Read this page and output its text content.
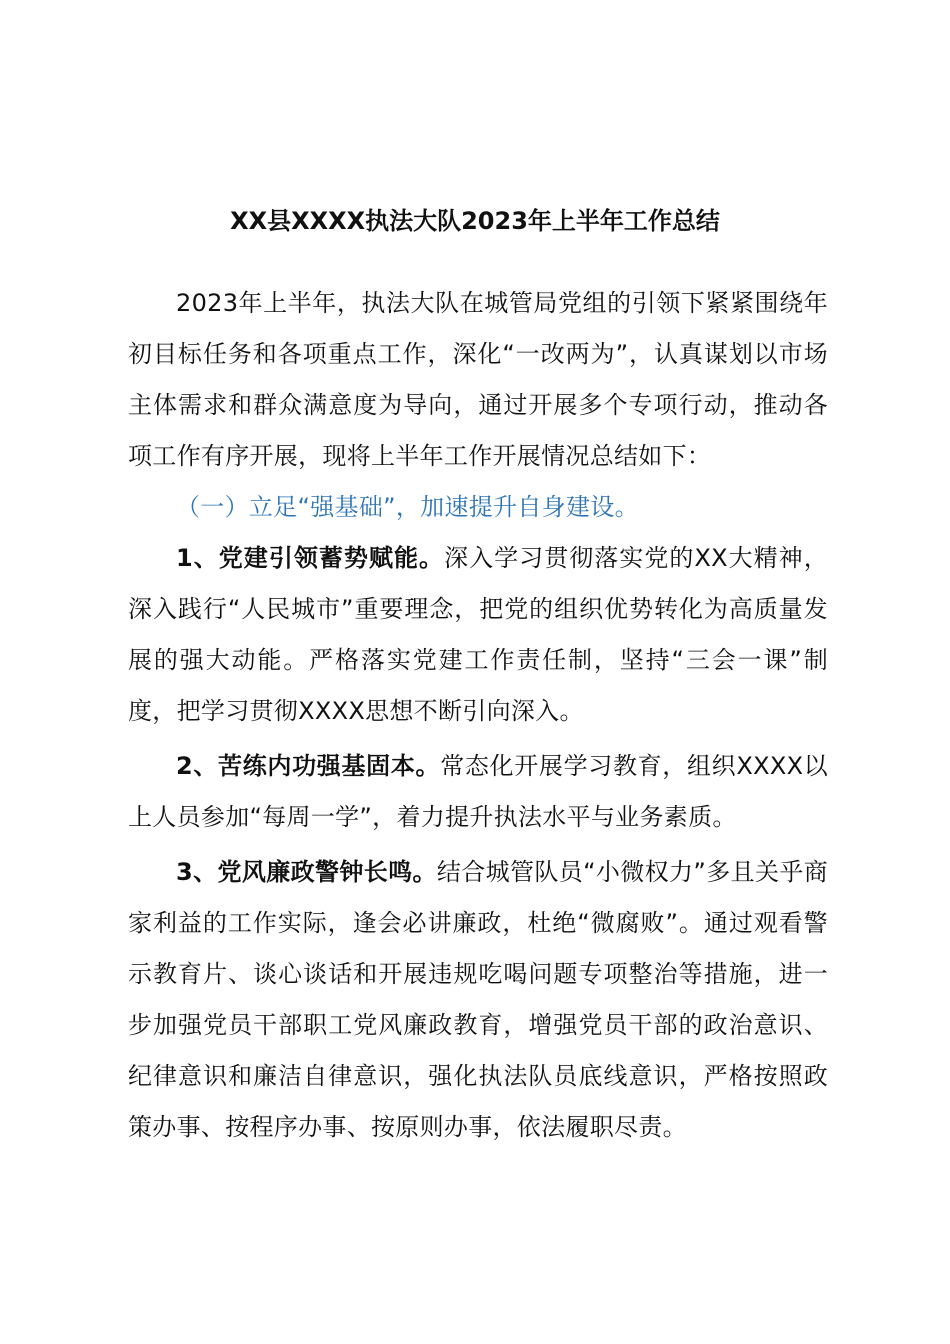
XX县XXXX执法大队2023年上半年工作总结

2023年上半年，执法大队在城管局党组的引领下紧紧围绕年初目标任务和各项重点工作，深化“一改两为”，认真谋划以市场主体需求和群众满意度为导向，通过开展多个专项行动，推动各项工作有序开展，现将上半年工作开展情况总结如下：

（一）立足“强基础”，加速提升自身建设。

1、党建引领蓄势赋能。深入学习贯彻落实党的XX大精神，深入践行“人民城市”重要理念，把党的组织优势转化为高质量发展的强大动能。严格落实党建工作责任制，坚持“三会一课”制度，把学习贯彻XXXX思想不断引向深入。

2、苦练内功强基固本。常态化开展学习教育，组织XXXX以上人员参加“每周一学”，着力提升执法水平与业务素质。

3、党风廉政警钟长鸣。结合城管队员“小微权力”多且关乎商家利益的工作实际，逢会必讲廉政，杜绝“微腐败”。通过观看警示教育片、谈心谈话和开展违规吃喝问题专项整治等措施，进一步加强党员干部职工党风廉政教育，增强党员干部的政治意识、纪律意识和廉洁自律意识，强化执法队员底线意识，严格按照政策办事、按程序办事、按原则办事，依法履职尽责。
